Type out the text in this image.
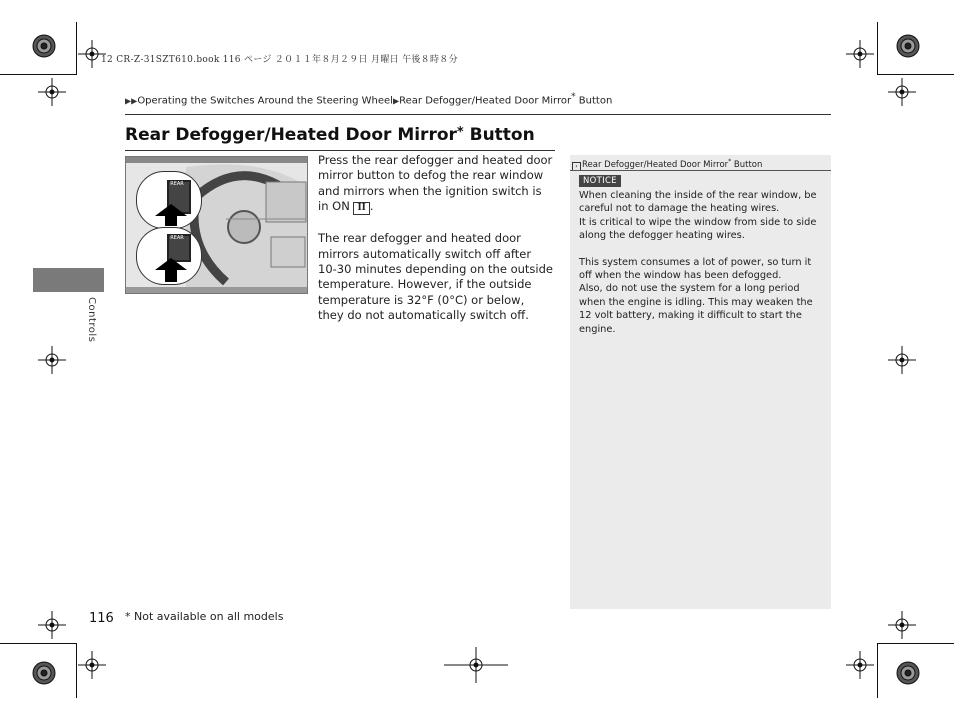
12 CR-Z-31SZT610.book 116 ページ ２０１１年８月２９日 月曜日 午後８時８分
▶▶Operating the Switches Around the Steering Wheel▶Rear Defogger/Heated Door Mirror* Button
Rear Defogger/Heated Door Mirror* Button
Controls
REAR
REAR

Press the rear defogger and heated door mirror button to defog the rear window and mirrors when the ignition switch is in ON II .

The rear defogger and heated door mirrors automatically switch off after 10-30 minutes depending on the outside temperature. However, if the outside temperature is 32°F (0°C) or below, they do not automatically switch off.

› Rear Defogger/Heated Door Mirror* Button
NOTICE

When cleaning the inside of the rear window, be careful not to damage the heating wires.

It is critical to wipe the window from side to side along the defogger heating wires.

This system consumes a lot of power, so turn it off when the window has been defogged.

Also, do not use the system for a long period when the engine is idling. This may weaken the 12 volt battery, making it difficult to start the engine.

116 * Not available on all models
